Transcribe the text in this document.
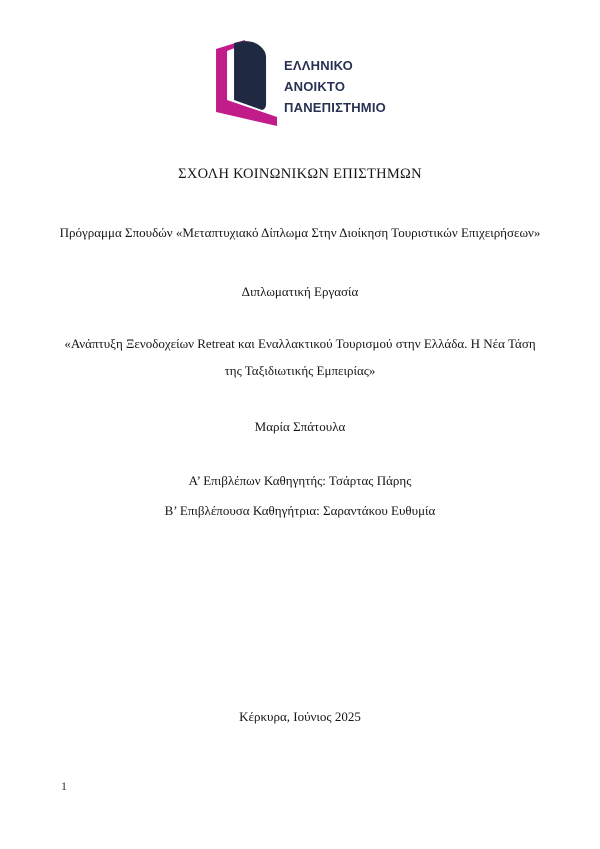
ΕΛΛΗΝΙΚΟ
ΑΝΟΙΚΤΟ
ΠΑΝΕΠΙΣΤΗΜΙΟ
ΣΧΟΛΗ ΚΟΙΝΩΝΙΚΩΝ ΕΠΙΣΤΗΜΩΝ
Πρόγραμμα Σπουδών «Μεταπτυχιακό Δίπλωμα Στην Διοίκηση Τουριστικών Επιχειρήσεων»
Διπλωματική Εργασία
«Ανάπτυξη Ξενοδοχείων Retreat και Εναλλακτικού Τουρισμού στην Ελλάδα. Η Νέα Τάση
της Ταξιδιωτικής Εμπειρίας»
Μαρία Σπάτουλα
Α’ Επιβλέπων Καθηγητής: Τσάρτας Πάρης
Β’ Επιβλέπουσα Καθηγήτρια: Σαραντάκου Ευθυμία
Κέρκυρα, Ιούνιος 2025
1
